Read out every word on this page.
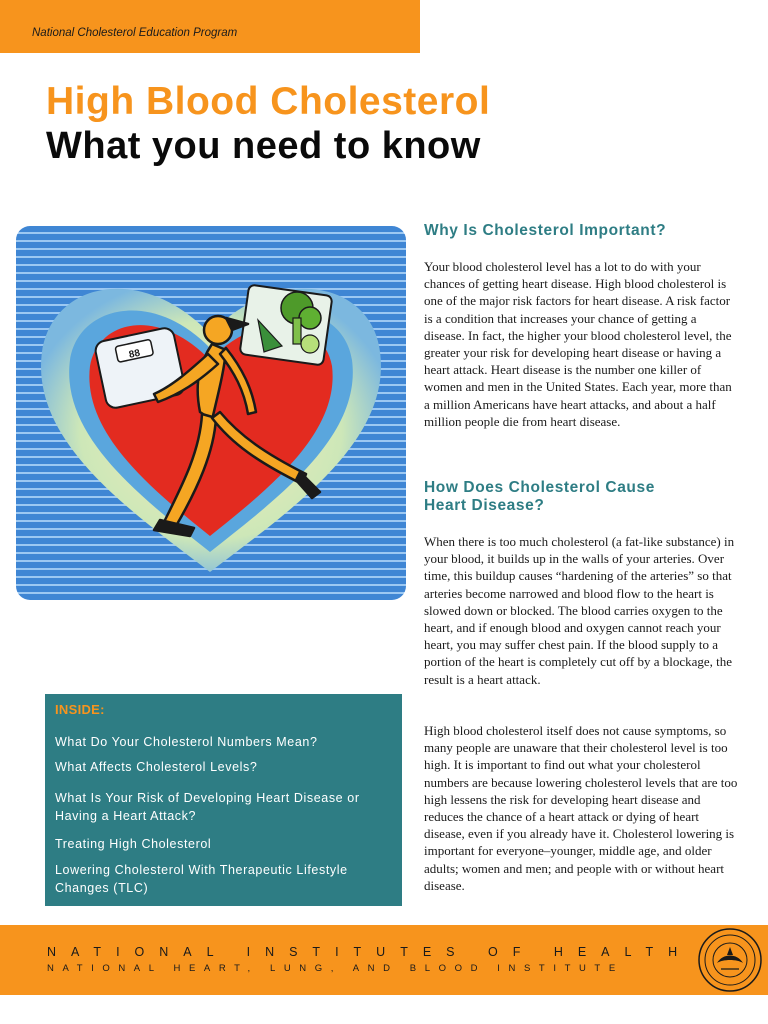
National Cholesterol Education Program
High Blood Cholesterol
What you need to know
88
Why Is Cholesterol Important?

Your blood cholesterol level has a lot to do with your chances of getting heart disease. High blood cholesterol is one of the major risk factors for heart disease. A risk factor is a condition that increases your chance of getting a disease. In fact, the higher your blood cholesterol level, the greater your risk for developing heart disease or having a heart attack. Heart disease is the number one killer of women and men in the United States. Each year, more than a million Americans have heart attacks, and about a half million people die from heart disease.

How Does Cholesterol Cause
Heart Disease?

When there is too much cholesterol (a fat-like substance) in your blood, it builds up in the walls of your arteries. Over time, this buildup causes “hardening of the arteries” so that arteries become narrowed and blood flow to the heart is slowed down or blocked. The blood carries oxygen to the heart, and if enough blood and oxygen cannot reach your heart, you may suffer chest pain. If the blood supply to a portion of the heart is completely cut off by a blockage, the result is a heart attack.

High blood cholesterol itself does not cause symptoms, so many people are unaware that their cholesterol level is too high. It is important to find out what your cholesterol numbers are because lowering cholesterol levels that are too high lessens the risk for developing heart disease and reduces the chance of a heart attack or dying of heart disease, even if you already have it. Cholesterol lowering is important for everyone–younger, middle age, and older adults; women and men; and people with or without heart disease.

INSIDE:

What Do Your Cholesterol Numbers Mean?

What Affects Cholesterol Levels?

What Is Your Risk of Developing Heart Disease or Having a Heart Attack?

Treating High Cholesterol

Lowering Cholesterol With Therapeutic Lifestyle Changes (TLC)

NATIONAL INSTITUTES OF HEALTH
NATIONAL HEART, LUNG, AND BLOOD INSTITUTE
